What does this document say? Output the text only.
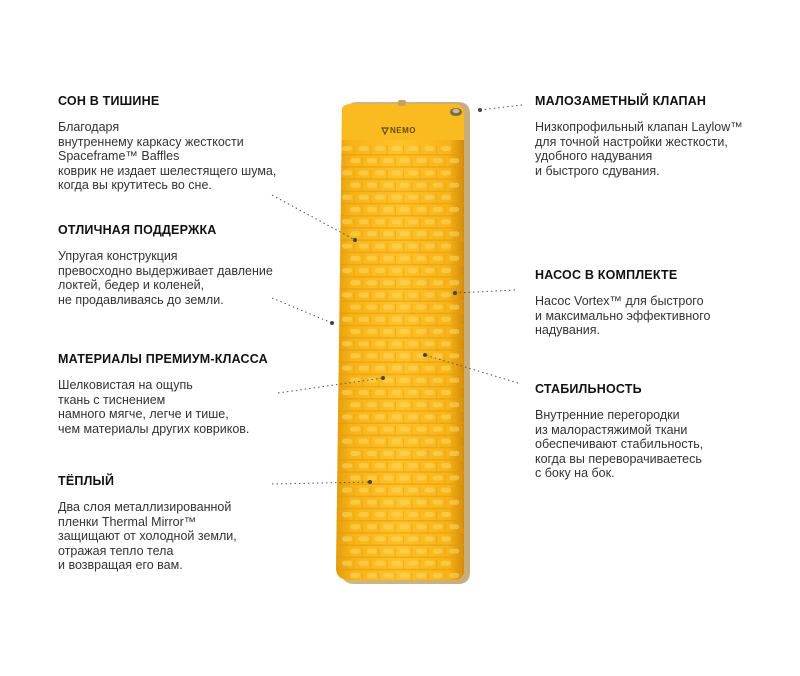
СОН В ТИШИНЕ

Благодаря
внутреннему каркасу жесткости
Spaceframe™ Baffles
коврик не издает шелестящего шума,
когда вы крутитесь во сне.

ОТЛИЧНАЯ ПОДДЕРЖКА

Упругая конструкция
превосходно выдерживает давление
локтей, бедер и коленей,
не продавливаясь до земли.

МАТЕРИАЛЫ ПРЕМИУМ-КЛАССА

Шелковистая на ощупь
ткань с тиснением
намного мягче, легче и тише,
чем материалы других ковриков.

ТЁПЛЫЙ

Два слоя металлизированной
пленки Thermal Mirror™
защищают от холодной земли,
отражая тепло тела
и возвращая его вам.

МАЛОЗАМЕТНЫЙ КЛАПАН

Низкопрофильный клапан Laylow™
для точной настройки жесткости,
удобного надувания
и быстрого сдувания.

НАСОС В КОМПЛЕКТЕ

Насос Vortex™ для быстрого
и максимально эффективного
надувания.

СТАБИЛЬНОСТЬ

Внутренние перегородки
из малорастяжимой ткани
обеспечивают стабильность,
когда вы переворачиваетесь
с боку на бок.

NEMO
